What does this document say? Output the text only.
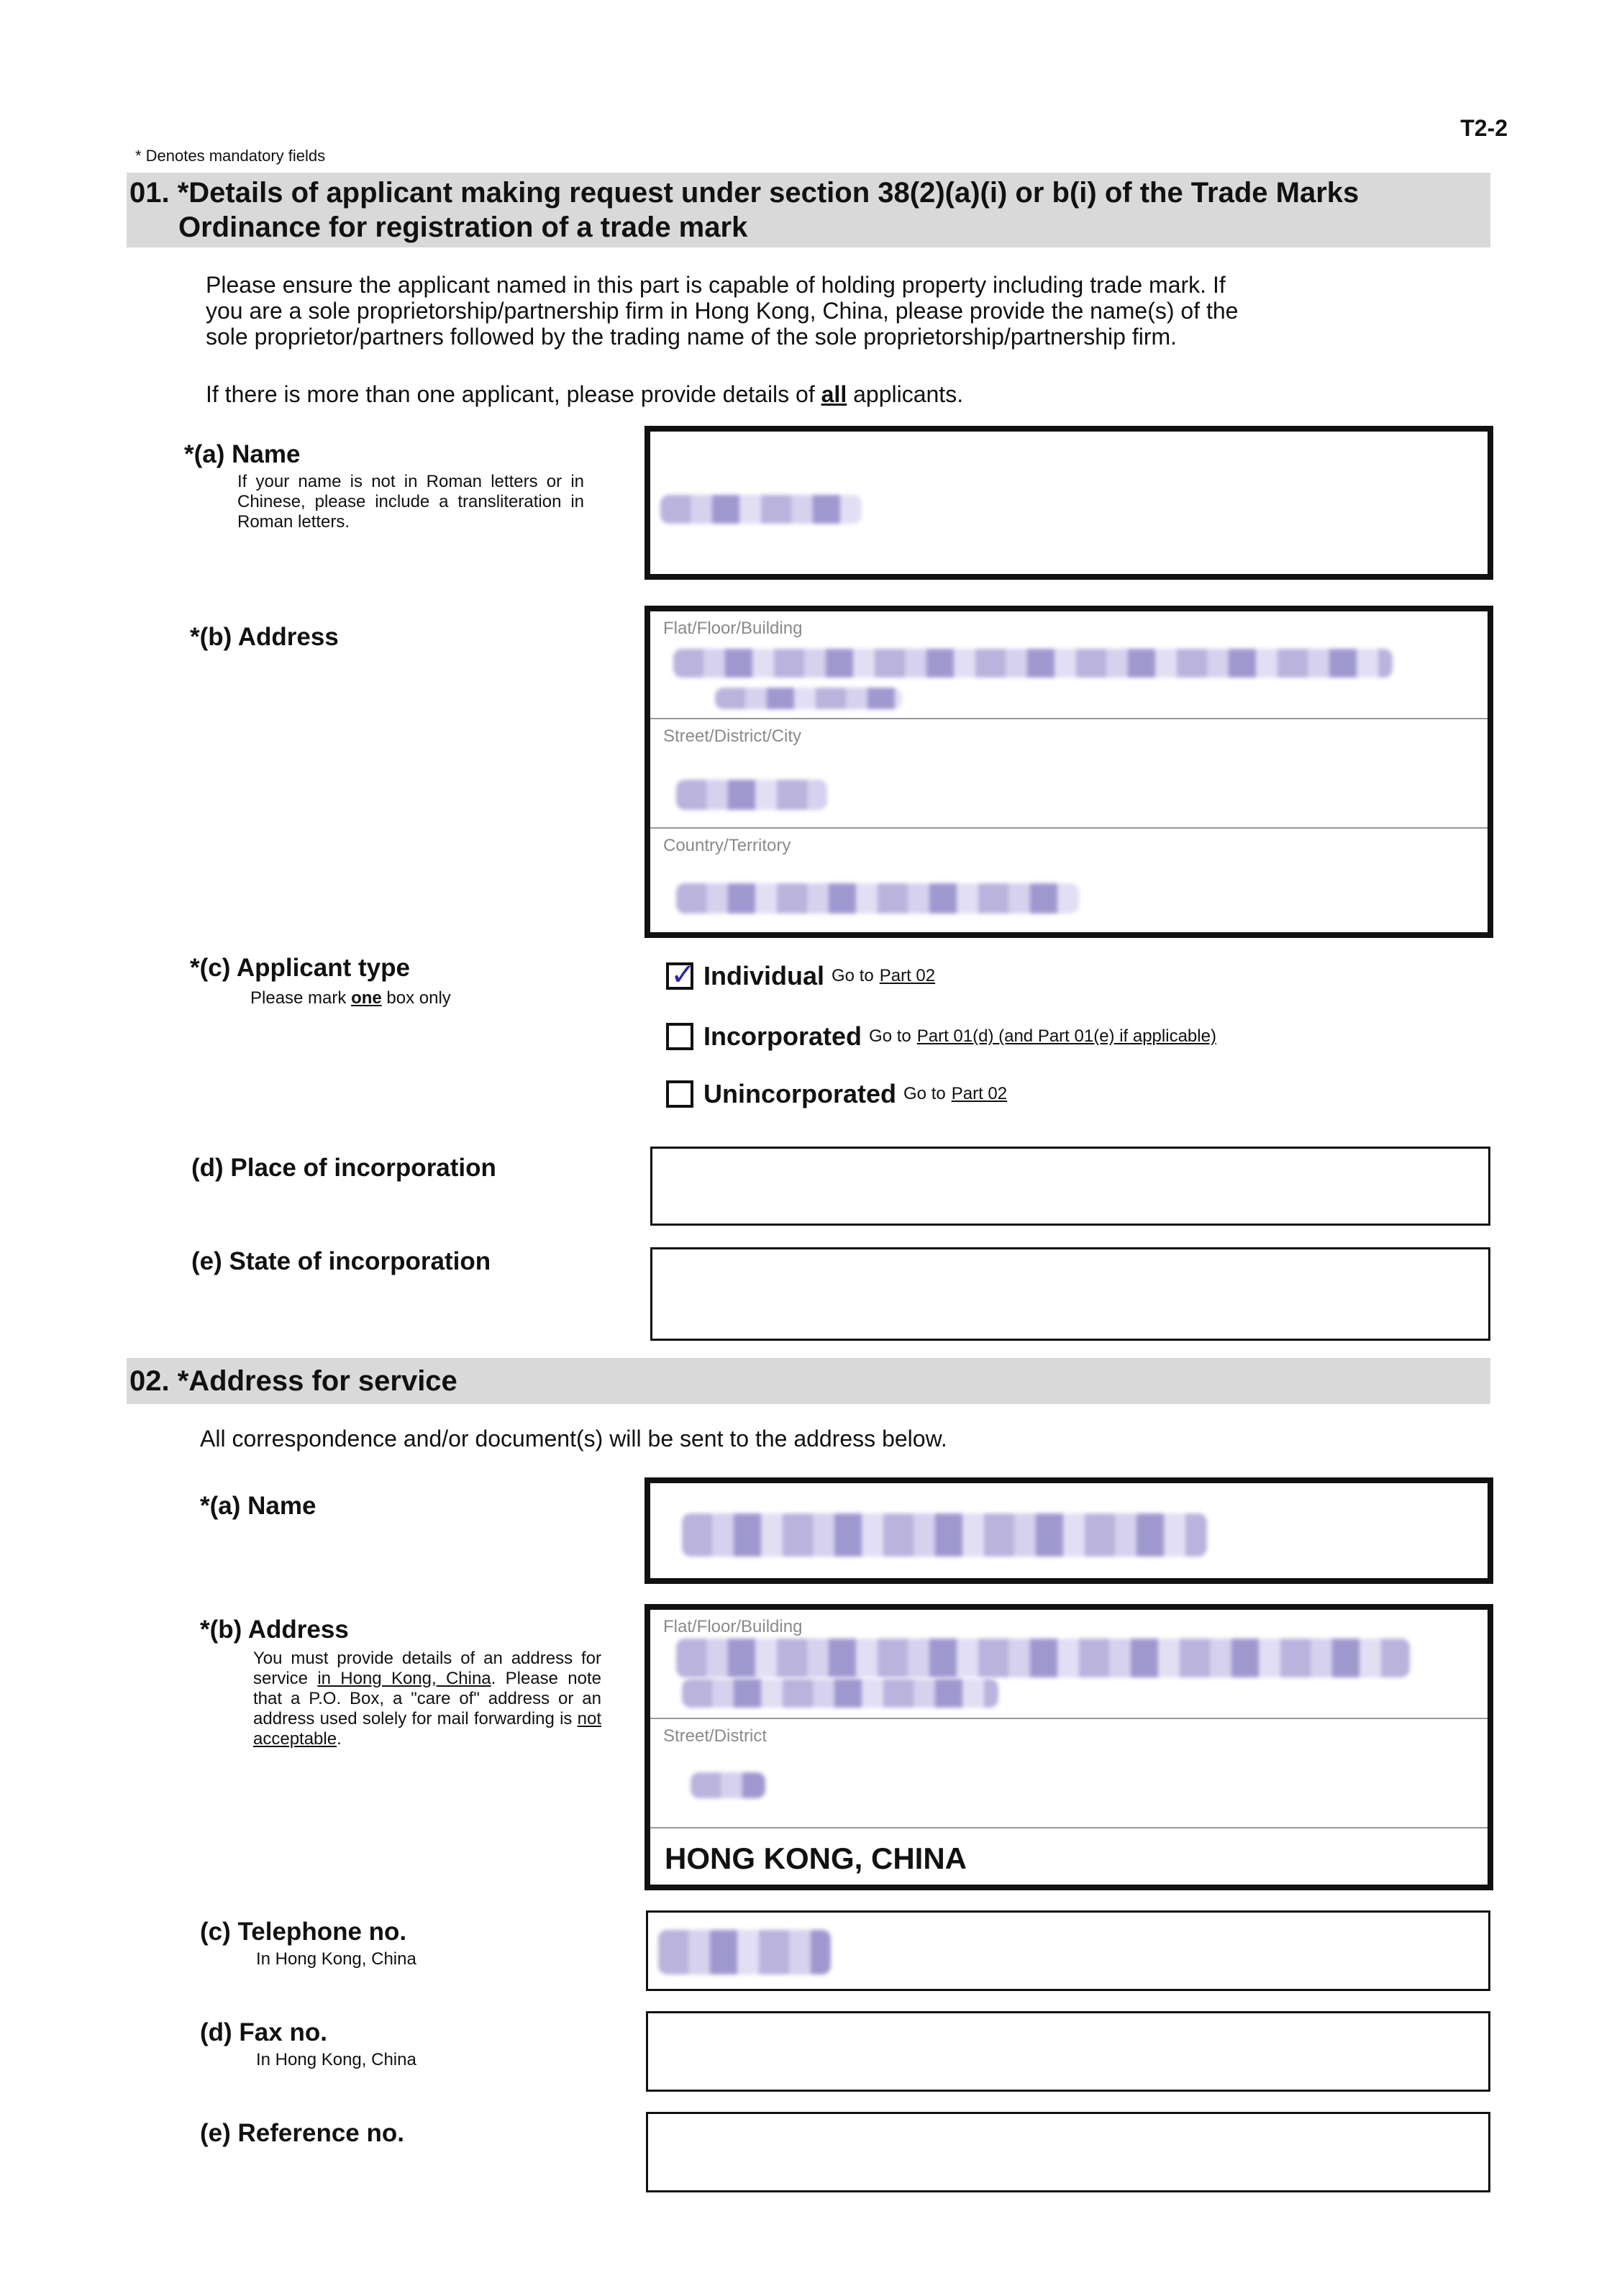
T2-2
* Denotes mandatory fields
01. *Details of applicant making request under section 38(2)(a)(i) or b(i) of the Trade Marks
Ordinance for registration of a trade mark
Please ensure the applicant named in this part is capable of holding property including trade mark. If
you are a sole proprietorship/partnership firm in Hong Kong, China, please provide the name(s) of the
sole proprietor/partners followed by the trading name of the sole proprietorship/partnership firm.
If there is more than one applicant, please provide details of all applicants.
*(a) Name
If your name is not in Roman letters or in Chinese, please include a transliteration in Roman letters.
*(b) Address	Flat/Floor/Building
Street/District/City
Country/Territory
*(c) Applicant type
Please mark one box only
✓
Individual Go to Part 02
Incorporated Go to Part 01(d) (and Part 01(e) if applicable)
Unincorporated Go to Part 02
(d) Place of incorporation
(e) State of incorporation
02. *Address for service
All correspondence and/or document(s) will be sent to the address below.
*(a) Name
*(b) Address
You must provide details of an address for service in Hong Kong, China. Please note that a P.O. Box, a "care of" address or an address used solely for mail forwarding is not acceptable.
Flat/Floor/Building
Street/District
HONG KONG, CHINA
(c) Telephone no.
In Hong Kong, China
(d) Fax no.
In Hong Kong, China
(e) Reference no.
